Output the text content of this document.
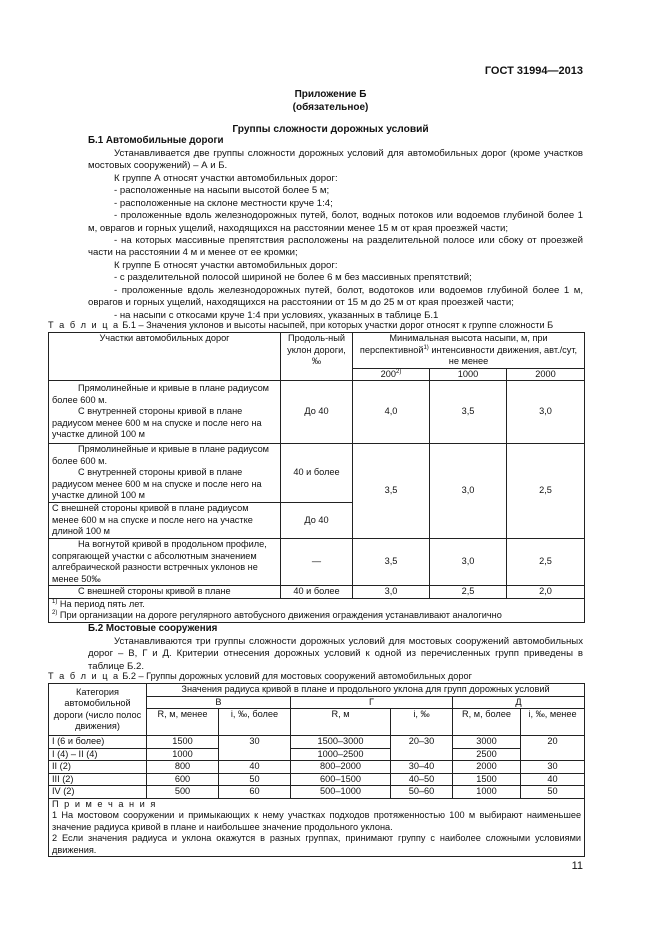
ГОСТ 31994—2013
Приложение Б
(обязательное)
Группы сложности дорожных условий
Б.1 Автомобильные дороги

Устанавливается две группы сложности дорожных условий для автомобильных дорог (кроме участков мостовых сооружений) – А и Б.

К группе А относят участки автомобильных дорог:

- расположенные на насыпи высотой более 5 м;

- расположенные на склоне местности круче 1:4;

- проложенные вдоль железнодорожных путей, болот, водных потоков или водоемов глубиной более 1 м, оврагов и горных ущелий, находящихся на расстоянии менее 15 м от края проезжей части;

- на которых массивные препятствия расположены на разделительной полосе или сбоку от проезжей части на расстоянии 4 м и менее от ее кромки;

К группе Б относят участки автомобильных дорог:

- с разделительной полосой шириной не более 6 м без массивных препятствий;

- проложенные вдоль железнодорожных путей, болот, водотоков или водоемов глубиной более 1 м, оврагов и горных ущелий, находящихся на расстоянии от 15 м до 25 м от края проезжей части;

- на насыпи с откосами круче 1:4 при условиях, указанных в таблице Б.1

Т а б л и ц а Б.1 – Значения уклонов и высоты насыпей, при которых участки дорог относят к группе сложности Б
Участки автомобильных дорог	Продоль-ный уклон дороги, ‰	Минимальная высота насыпи, м, при перспективной$^{1)}$ интенсивности движения, авт./сут, не менее		
		200$^{2)}$	1000	2000

Прямолинейные и кривые в плане радиусом более 600 м.
С внутренней стороны кривой в плане радиусом менее 600 м на спуске и после него на участке длиной 100 м	До 40	4,0	3,5	3,0

Прямолинейные и кривые в плане радиусом более 600 м.
С внутренней стороны кривой в плане радиусом менее 600 м на спуске и после него на участке длиной 100 м	40 и более	3,5	3,0	2,5
С внешней стороны кривой в плане радиусом менее 600 м на спуске и после него на участке длиной 100 м	До 40			

На вогнутой кривой в продольном профиле, сопрягающей участки с абсолютным значением алгебраической разности встречных уклонов не менее 50‰	—	3,5	3,0	2,5

С внешней стороны кривой в плане	40 и более	3,0	2,5	2,0

$^{1)}$ На период пять лет.
$^{2)}$ При организации на дороге регулярного автобусного движения ограждения устанавливают аналогично				
Б.2 Мостовые сооружения

Устанавливаются три группы сложности дорожных условий для мостовых сооружений автомобильных дорог – В, Г и Д. Критерии отнесения дорожных условий к одной из перечисленных групп приведены в таблице Б.2.

Т а б л и ц а Б.2 – Группы дорожных условий для мостовых сооружений автомобильных дорог
Категория автомобильной дороги (число полос движения)	Значения радиуса кривой в плане и продольного уклона для групп дорожных условий					
	В		Г		Д	
	R, м, менее	i, ‰, более	R, м	i, ‰	R, м, более	i, ‰, менее
I (6 и более)	1500	30	1500–3000	20–30	3000	20
I (4) – II (4)	1000		1000–2500		2500	
II (2)	800	40	800–2000	30–40	2000	30
III (2)	600	50	600–1500	40–50	1500	40
IV (2)	500	60	500–1000	50–60	1000	50

П р и м е ч а н и я
1 На мостовом сооружении и примыкающих к нему участках подходов протяженностью 100 м выбирают наименьшее значение радиуса кривой в плане и наибольшее значение продольного уклона.
2 Если значения радиуса и уклона окажутся в разных группах, принимают группу с наиболее сложными условиями движения.						
11
